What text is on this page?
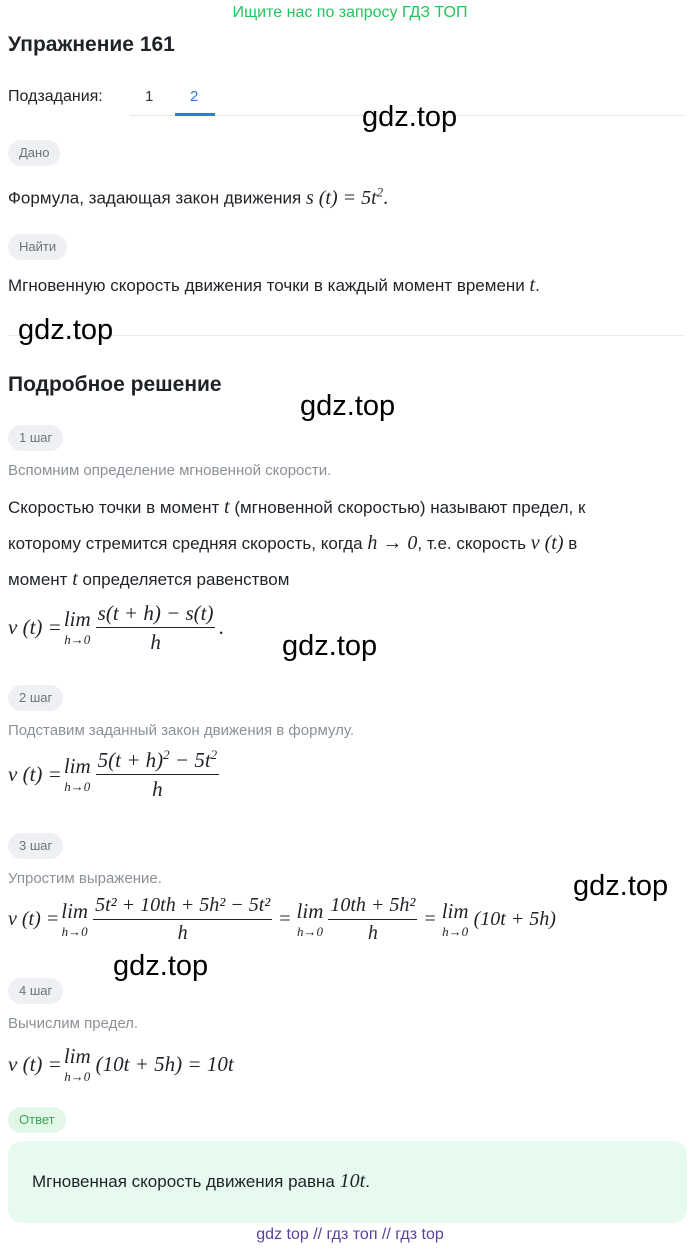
Ищите нас по запросу ГДЗ ТОП
Упражнение 161
Подзадания:	1 2
Дано
Формула, задающая закон движения s $(t) = 5t^2$.
Найти
Мгновенную скорость движения точки в каждый момент времени t.
Подробное решение
1 шаг
Вспомним определение мгновенной скорости.
Скоростью точки в момент t (мгновенной скоростью) называют предел, к
которому стремится средняя скорость, когда h → 0, т.е. скорость v (t) в
момент t определяется равенством
v (t) = lim
$h\to 0 \frac{s(t + h) - s(t)}{h}$ .
2 шаг
Подставим заданный закон движения в формулу.
v (t) = lim
$h\to 0 \frac{5(t + h)^2 - 5t^2}{h}$
3 шаг
Упростим выражение.
v (t) = lim
$h\to 0 \frac{\text{5t² + 10th + 5h² − 5t²}}{h} = \lim$
$h\to 0 \frac{\text{10th + 5h²}}{h} = \lim$
h→0
(10t + 5h)
4 шаг
Вычислим предел.
v (t) = lim
h→0
(10t + 5h) = 10t
Ответ
Мгновенная скорость движения равна 10t.
gdz.top
gdz.top
gdz.top
gdz.top
gdz.top
gdz.top
gdz top // гдз топ // гдз top
